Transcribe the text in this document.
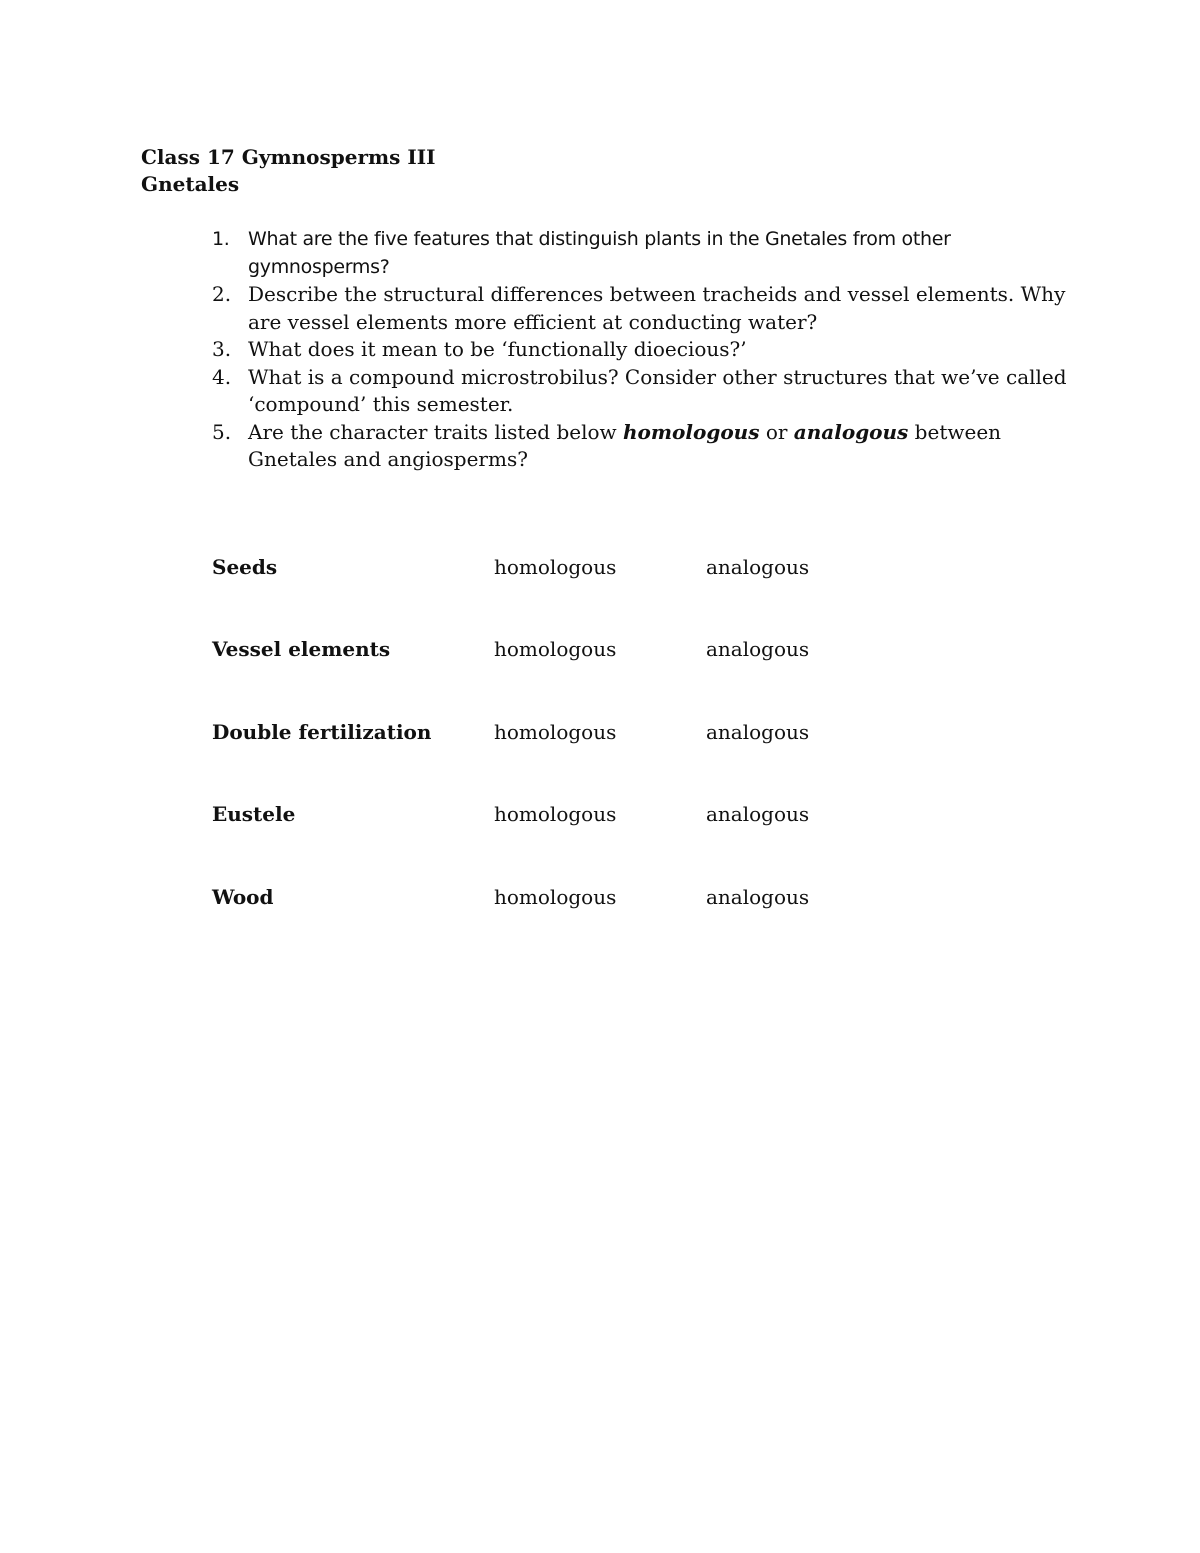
Class 17 Gymnosperms III
Gnetales
1. What are the five features that distinguish plants in the Gnetales from other gymnosperms?
2. Describe the structural differences between tracheids and vessel elements. Why are vessel elements more efficient at conducting water?
3. What does it mean to be ‘functionally dioecious?’
4. What is a compound microstrobilus? Consider other structures that we’ve called ‘compound’ this semester.
5. Are the character traits listed below homologous or analogous between Gnetales and angiosperms?
Seeds	homologous	analogous
Vessel elements	homologous	analogous
Double fertilization	homologous	analogous
Eustele	homologous	analogous
Wood	homologous	analogous
